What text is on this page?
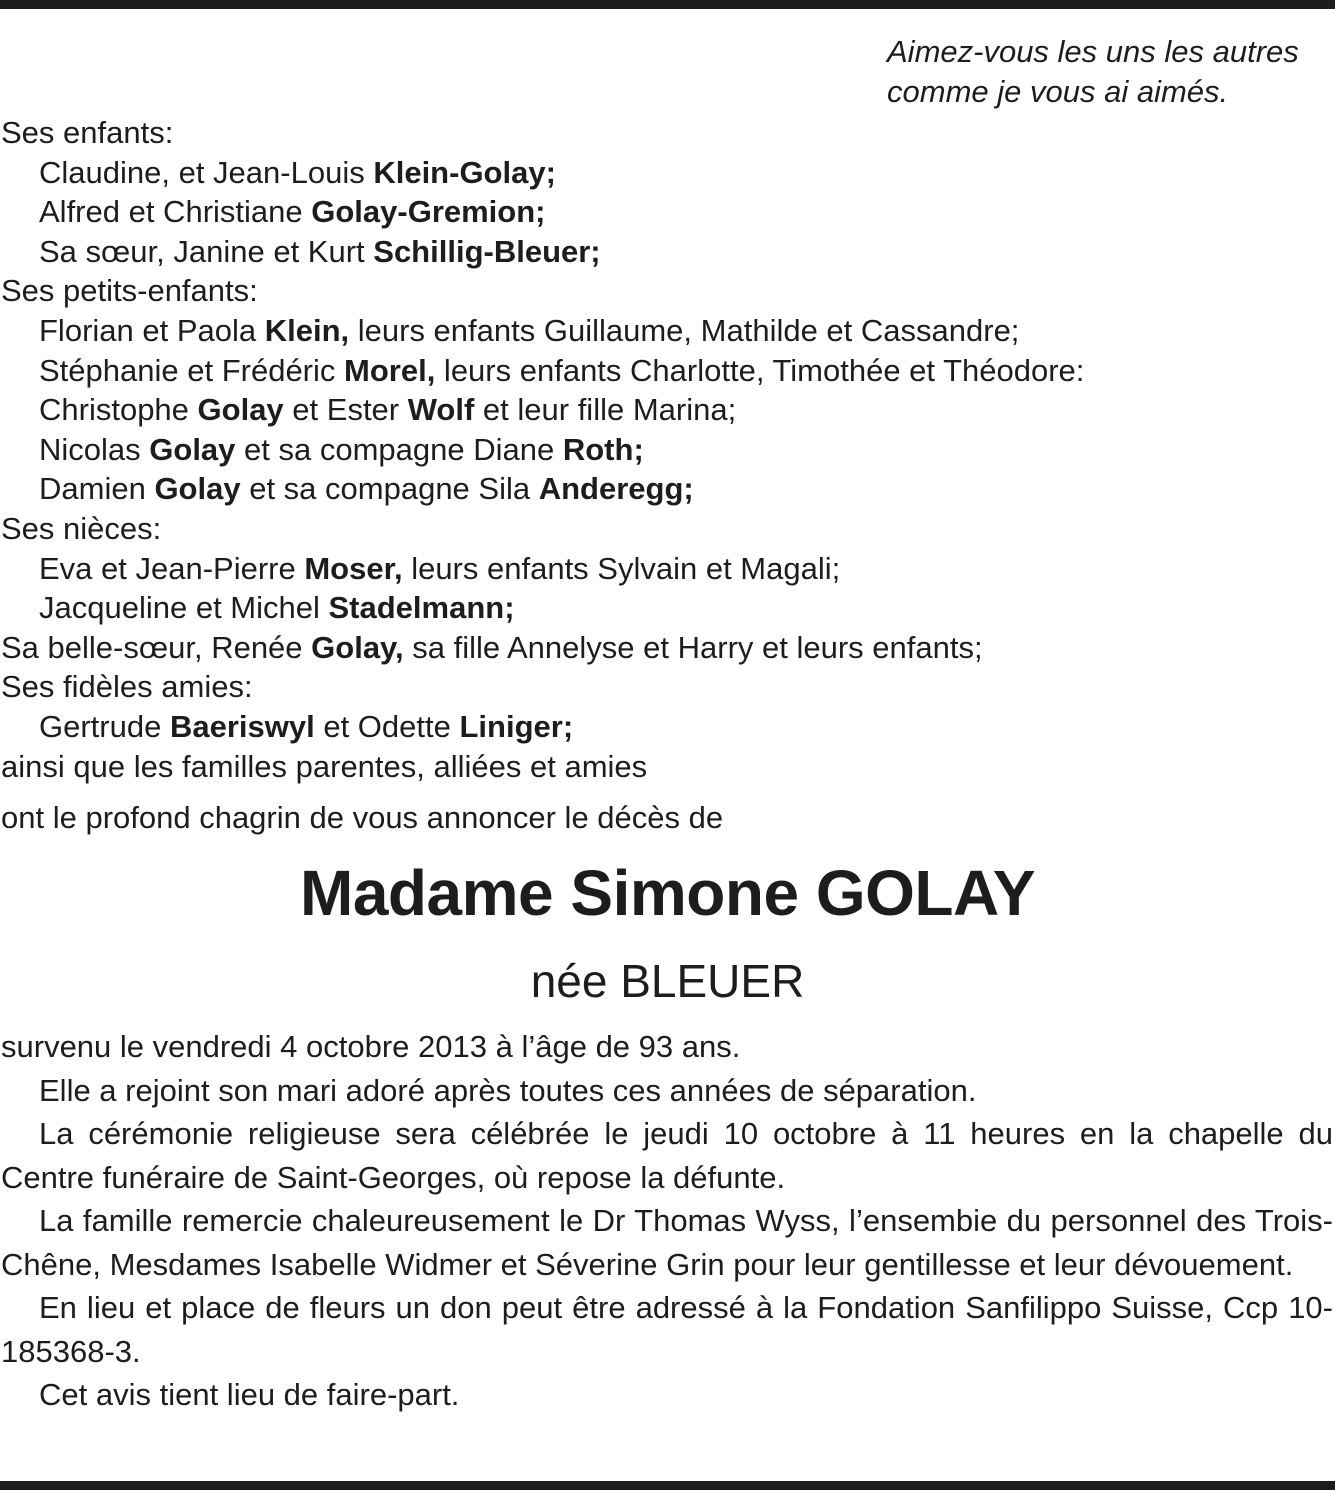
Aimez-vous les uns les autres
comme je vous ai aimés.
Ses enfants:
Claudine, et Jean-Louis Klein-Golay;
Alfred et Christiane Golay-Gremion;
Sa sœur, Janine et Kurt Schillig-Bleuer;
Ses petits-enfants:
Florian et Paola Klein, leurs enfants Guillaume, Mathilde et Cassandre;
Stéphanie et Frédéric Morel, leurs enfants Charlotte, Timothée et Théodore:
Christophe Golay et Ester Wolf et leur fille Marina;
Nicolas Golay et sa compagne Diane Roth;
Damien Golay et sa compagne Sila Anderegg;
Ses nièces:
Eva et Jean-Pierre Moser, leurs enfants Sylvain et Magali;
Jacqueline et Michel Stadelmann;
Sa belle-sœur, Renée Golay, sa fille Annelyse et Harry et leurs enfants;
Ses fidèles amies:
Gertrude Baeriswyl et Odette Liniger;
ainsi que les familles parentes, alliées et amies
ont le profond chagrin de vous annoncer le décès de
Madame Simone GOLAY
née BLEUER

survenu le vendredi 4 octobre 2013 à l’âge de 93 ans.

Elle a rejoint son mari adoré après toutes ces années de séparation.

La cérémonie religieuse sera célébrée le jeudi 10 octobre à 11 heures en la chapelle du Centre funéraire de Saint-Georges, où repose la défunte.

La famille remercie chaleureusement le Dr Thomas Wyss, l’ensembie du personnel des Trois-Chêne, Mesdames Isabelle Widmer et Séverine Grin pour leur gentillesse et leur dévouement.

En lieu et place de fleurs un don peut être adressé à la Fondation Sanfilippo Suisse, Ccp 10-185368-3.

Cet avis tient lieu de faire-part.
